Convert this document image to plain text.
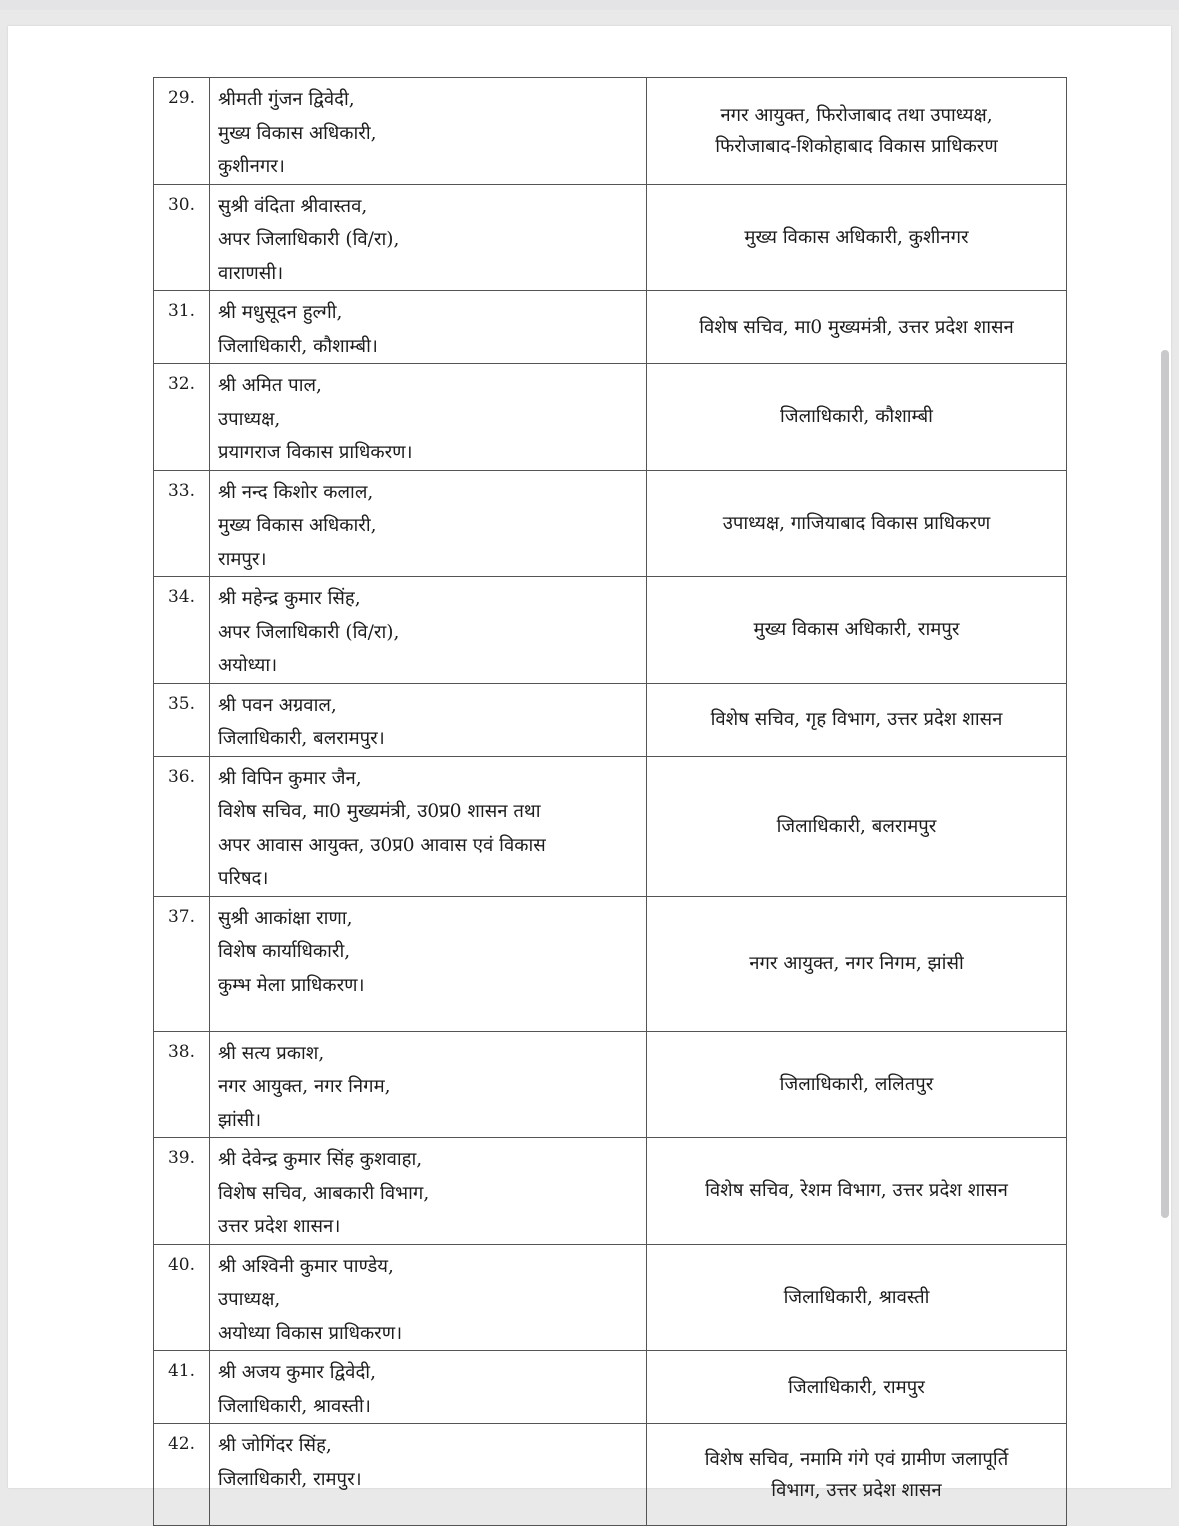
29.	श्रीमती गुंजन द्विवेदी,
मुख्य विकास अधिकारी,
कुशीनगर।	नगर आयुक्त, फिरोजाबाद तथा उपाध्यक्ष,
फिरोजाबाद-शिकोहाबाद विकास प्राधिकरण

30.	सुश्री वंदिता श्रीवास्तव,
अपर जिलाधिकारी (वि/रा),
वाराणसी।	मुख्य विकास अधिकारी, कुशीनगर

31.	श्री मधुसूदन हुल्गी,
जिलाधिकारी, कौशाम्बी।	विशेष सचिव, मा0 मुख्यमंत्री, उत्तर प्रदेश शासन

32.	श्री अमित पाल,
उपाध्यक्ष,
प्रयागराज विकास प्राधिकरण।	जिलाधिकारी, कौशाम्बी

33.	श्री नन्द किशोर कलाल,
मुख्य विकास अधिकारी,
रामपुर।	उपाध्यक्ष, गाजियाबाद विकास प्राधिकरण

34.	श्री महेन्द्र कुमार सिंह,
अपर जिलाधिकारी (वि/रा),
अयोध्या।	मुख्य विकास अधिकारी, रामपुर

35.	श्री पवन अग्रवाल,
जिलाधिकारी, बलरामपुर।	विशेष सचिव, गृह विभाग, उत्तर प्रदेश शासन

36.	श्री विपिन कुमार जैन,
विशेष सचिव, मा0 मुख्यमंत्री, उ0प्र0 शासन तथा
अपर आवास आयुक्त, उ0प्र0 आवास एवं विकास
परिषद।	जिलाधिकारी, बलरामपुर

37.	सुश्री आकांक्षा राणा,
विशेष कार्याधिकारी,
कुम्भ मेला प्राधिकरण।	नगर आयुक्त, नगर निगम, झांसी

38.	श्री सत्य प्रकाश,
नगर आयुक्त, नगर निगम,
झांसी।	जिलाधिकारी, ललितपुर

39.	श्री देवेन्द्र कुमार सिंह कुशवाहा,
विशेष सचिव, आबकारी विभाग,
उत्तर प्रदेश शासन।	विशेष सचिव, रेशम विभाग, उत्तर प्रदेश शासन

40.	श्री अश्विनी कुमार पाण्डेय,
उपाध्यक्ष,
अयोध्या विकास प्राधिकरण।	जिलाधिकारी, श्रावस्ती

41.	श्री अजय कुमार द्विवेदी,
जिलाधिकारी, श्रावस्ती।	जिलाधिकारी, रामपुर

42.	श्री जोगिंदर सिंह,
जिलाधिकारी, रामपुर।	विशेष सचिव, नमामि गंगे एवं ग्रामीण जलापूर्ति
विभाग, उत्तर प्रदेश शासन
